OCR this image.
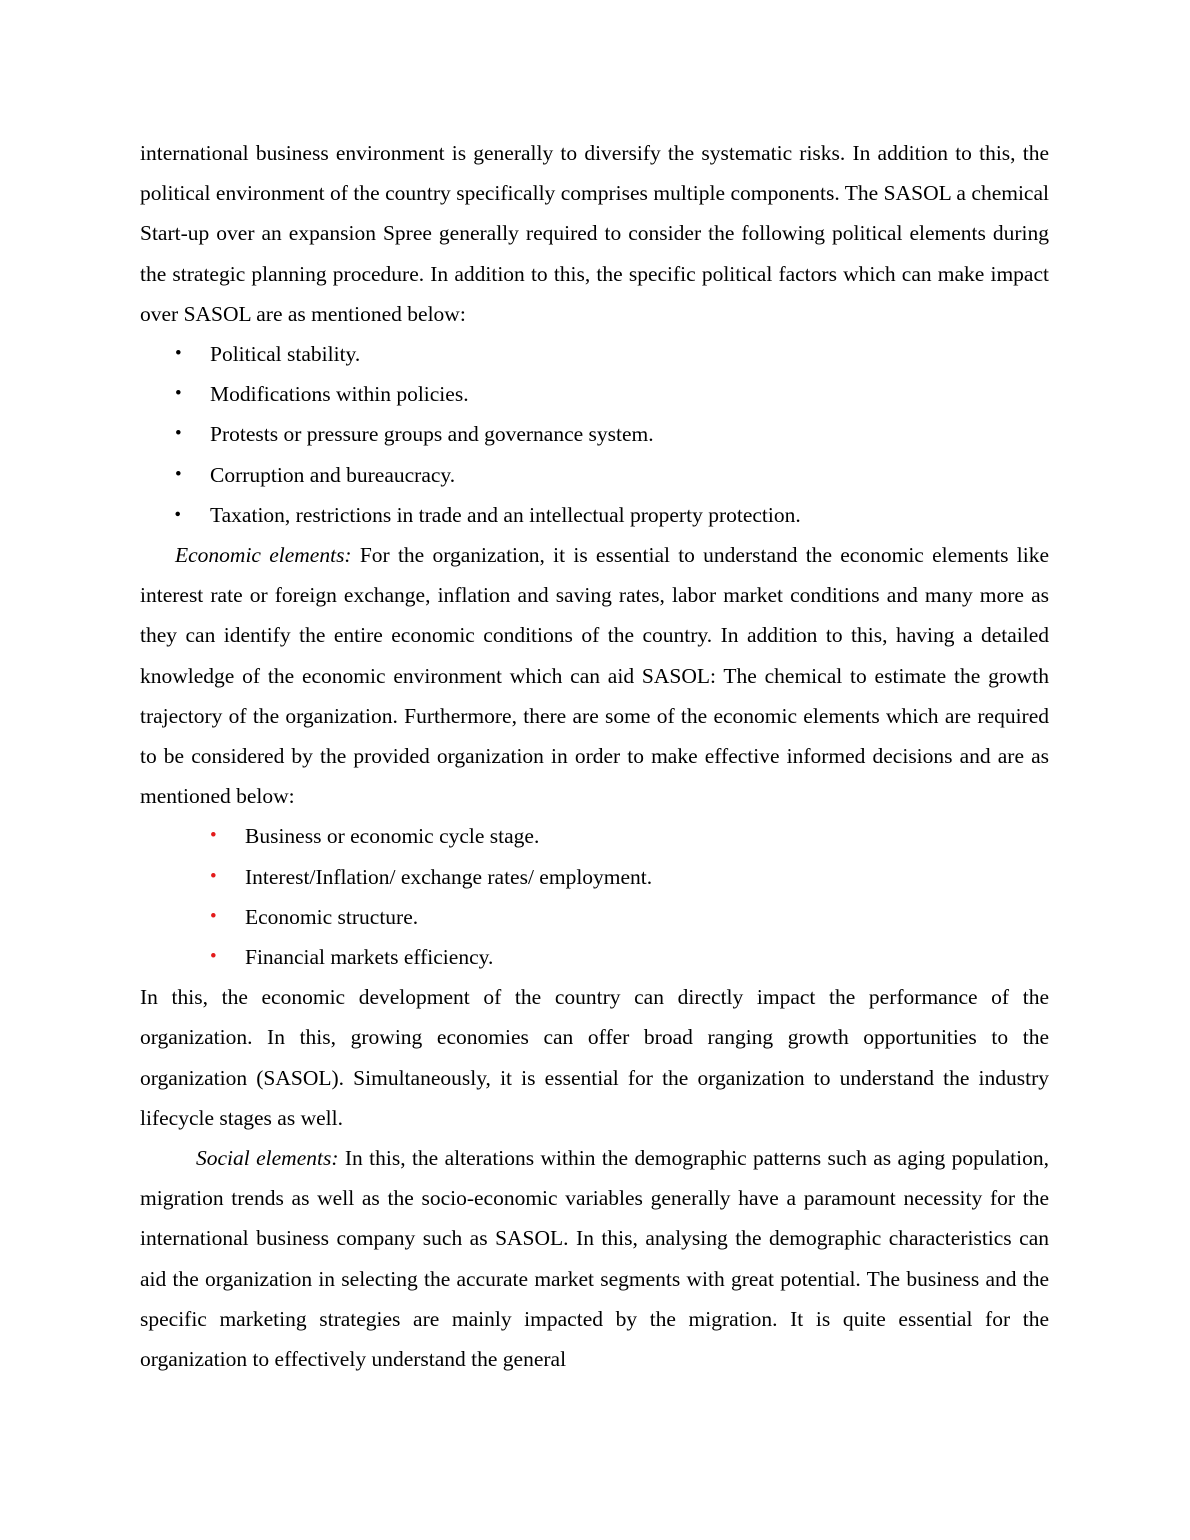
international business environment is generally to diversify the systematic risks. In addition to this, the political environment of the country specifically comprises multiple components. The SASOL a chemical Start-up over an expansion Spree generally required to consider the following political elements during the strategic planning procedure. In addition to this, the specific political factors which can make impact over SASOL are as mentioned below:

• Political stability.
• Modifications within policies.
• Protests or pressure groups and governance system.
• Corruption and bureaucracy.
• Taxation, restrictions in trade and an intellectual property protection.

Economic elements: For the organization, it is essential to understand the economic elements like interest rate or foreign exchange, inflation and saving rates, labor market conditions and many more as they can identify the entire economic conditions of the country. In addition to this, having a detailed knowledge of the economic environment which can aid SASOL: The chemical to estimate the growth trajectory of the organization. Furthermore, there are some of the economic elements which are required to be considered by the provided organization in order to make effective informed decisions and are as mentioned below:

• Business or economic cycle stage.
• Interest/Inflation/ exchange rates/ employment.
• Economic structure.
• Financial markets efficiency.

In this, the economic development of the country can directly impact the performance of the organization. In this, growing economies can offer broad ranging growth opportunities to the organization (SASOL). Simultaneously, it is essential for the organization to understand the industry lifecycle stages as well.

Social elements: In this, the alterations within the demographic patterns such as aging population, migration trends as well as the socio-economic variables generally have a paramount necessity for the international business company such as SASOL. In this, analysing the demographic characteristics can aid the organization in selecting the accurate market segments with great potential. The business and the specific marketing strategies are mainly impacted by the migration. It is quite essential for the organization to effectively understand the general
